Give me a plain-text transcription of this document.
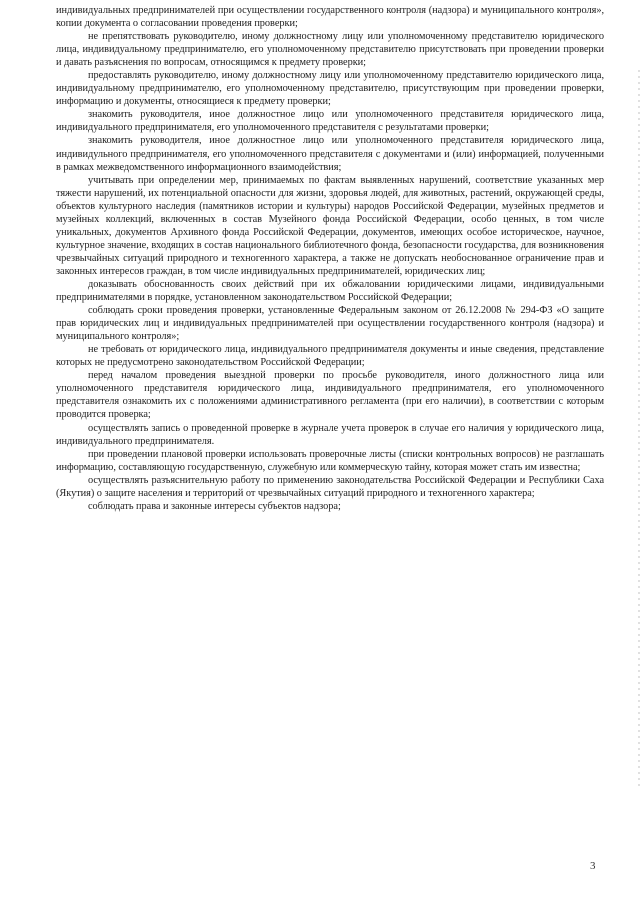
индивидуальных предпринимателей при осуществлении государственного контроля (надзора) и муниципального контроля», копии документа о согласовании проведения проверки;

не препятствовать руководителю, иному должностному лицу или уполномоченному представителю юридического лица, индивидуальному предпринимателю, его уполномоченному представителю присутствовать при проведении проверки и давать разъяснения по вопросам, относящимся к предмету проверки;

предоставлять руководителю, иному должностному лицу или уполномоченному представителю юридического лица, индивидуальному предпринимателю, его уполномоченному представителю, присутствующим при проведении проверки, информацию и документы, относящиеся к предмету проверки;

знакомить руководителя, иное должностное лицо или уполномоченного представителя юридического лица, индивидуального предпринимателя, его уполномоченного представителя с результатами проверки;

знакомить руководителя, иное должностное лицо или уполномоченного представителя юридического лица, индивидульного предпринимателя, его уполномоченного представителя с документами и (или) информацией, полученными в рамках межведомственного информационного взаимодействия;

учитывать при определении мер, принимаемых по фактам выявленных нарушений, соответствие указанных мер тяжести нарушений, их потенциальной опасности для жизни, здоровья людей, для животных, растений, окружающей среды, объектов культурного наследия (памятников истории и культуры) народов Российской Федерации, музейных предметов и музейных коллекций, включенных в состав Музейного фонда Российской Федерации, особо ценных, в том числе уникальных, документов Архивного фонда Российской Федерации, документов, имеющих особое историческое, научное, культурное значение, входящих в состав национального библиотечного фонда, безопасности государства, для возникновения чрезвычайных ситуаций природного и техногенного характера, а также не допускать необоснованное ограничение прав и законных интересов граждан, в том числе индивидуальных предпринимателей, юридических лиц;

доказывать обоснованность своих действий при их обжаловании юридическими лицами, индивидуальными предпринимателями в порядке, установленном законодательством Российской Федерации;

соблюдать сроки проведения проверки, установленные Федеральным законом от 26.12.2008 № 294-ФЗ «О защите прав юридических лиц и индивидуальных предпринимателей при осуществлении государственного контроля (надзора) и муниципального контроля»;

не требовать от юридического лица, индивидуального предпринимателя документы и иные сведения, представление которых не предусмотрено законодательством Российской Федерации;

перед началом проведения выездной проверки по просьбе руководителя, иного должностного лица или уполномоченного представителя юридического лица, индивидуального предпринимателя, его уполномоченного представителя ознакомить их с положениями административного регламента (при его наличии), в соответствии с которым проводится проверка;

осуществлять запись о проведенной проверке в журнале учета проверок в случае его наличия у юридического лица, индивидуального предпринимателя.

при проведении плановой проверки использовать проверочные листы (списки контрольных вопросов) не разглашать информацию, составляющую государственную, служебную или коммерческую тайну, которая может стать им известна;

осуществлять разъяснительную работу по применению законодательства Российской Федерации и Республики Саха (Якутия) о защите населения и территорий от чрезвычайных ситуаций природного и техногенного характера;

соблюдать права и законные интересы субъектов надзора;

3
